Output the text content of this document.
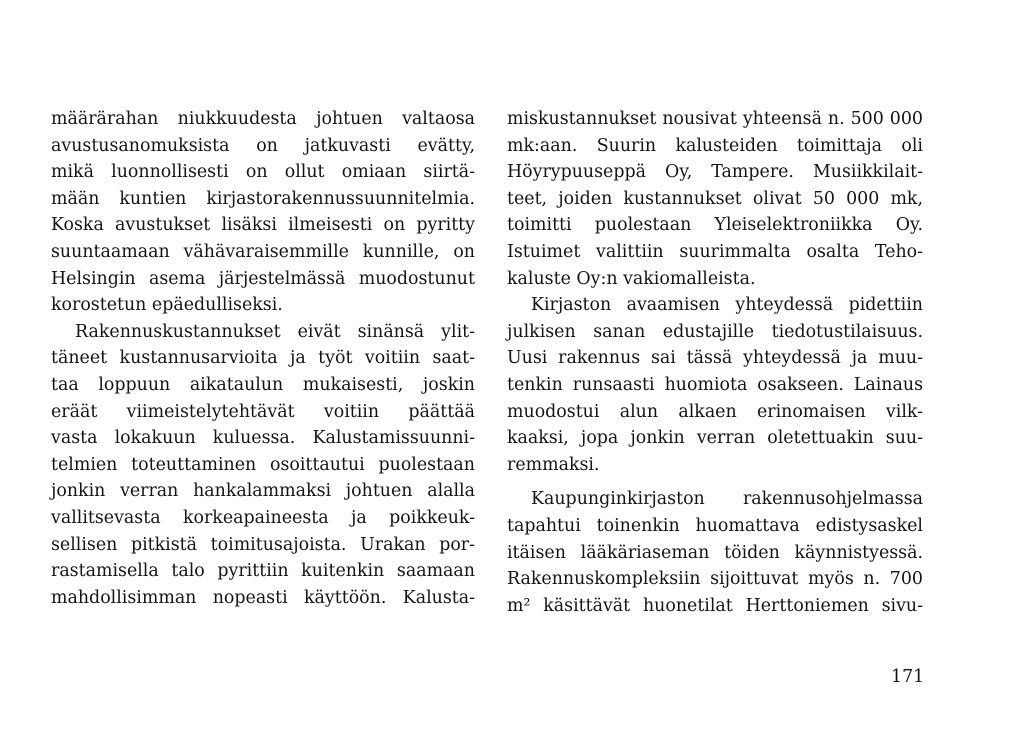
määrärahan niukkuudesta johtuen valtaosa
avustusanomuksista on jatkuvasti evätty,
mikä luonnollisesti on ollut omiaan siirtä-
mään kuntien kirjastorakennussuunnitelmia.
Koska avustukset lisäksi ilmeisesti on pyritty
suuntaamaan vähävaraisemmille kunnille, on
Helsingin asema järjestelmässä muodostunut
korostetun epäedulliseksi.
Rakennuskustannukset eivät sinänsä ylit-
täneet kustannusarvioita ja työt voitiin saat-
taa loppuun aikataulun mukaisesti, joskin
eräät viimeistelytehtävät voitiin päättää
vasta lokakuun kuluessa. Kalustamissuunni-
telmien toteuttaminen osoittautui puolestaan
jonkin verran hankalammaksi johtuen alalla
vallitsevasta korkeapaineesta ja poikkeuk-
sellisen pitkistä toimitusajoista. Urakan por-
rastamisella talo pyrittiin kuitenkin saamaan
mahdollisimman nopeasti käyttöön. Kalusta-
miskustannukset nousivat yhteensä n. 500 000
mk:aan. Suurin kalusteiden toimittaja oli
Höyrypuuseppä Oy, Tampere. Musiikkilait-
teet, joiden kustannukset olivat 50 000 mk,
toimitti puolestaan Yleiselektroniikka Oy.
Istuimet valittiin suurimmalta osalta Teho-
kaluste Oy:n vakiomalleista.
Kirjaston avaamisen yhteydessä pidettiin
julkisen sanan edustajille tiedotustilaisuus.
Uusi rakennus sai tässä yhteydessä ja muu-
tenkin runsaasti huomiota osakseen. Lainaus
muodostui alun alkaen erinomaisen vilk-
kaaksi, jopa jonkin verran oletettuakin suu-
remmaksi.
Kaupunginkirjaston rakennusohjelmassa
tapahtui toinenkin huomattava edistysaskel
itäisen lääkäriaseman töiden käynnistyessä.
Rakennuskompleksiin sijoittuvat myös n. 700
m² käsittävät huonetilat Herttoniemen sivu-
171
